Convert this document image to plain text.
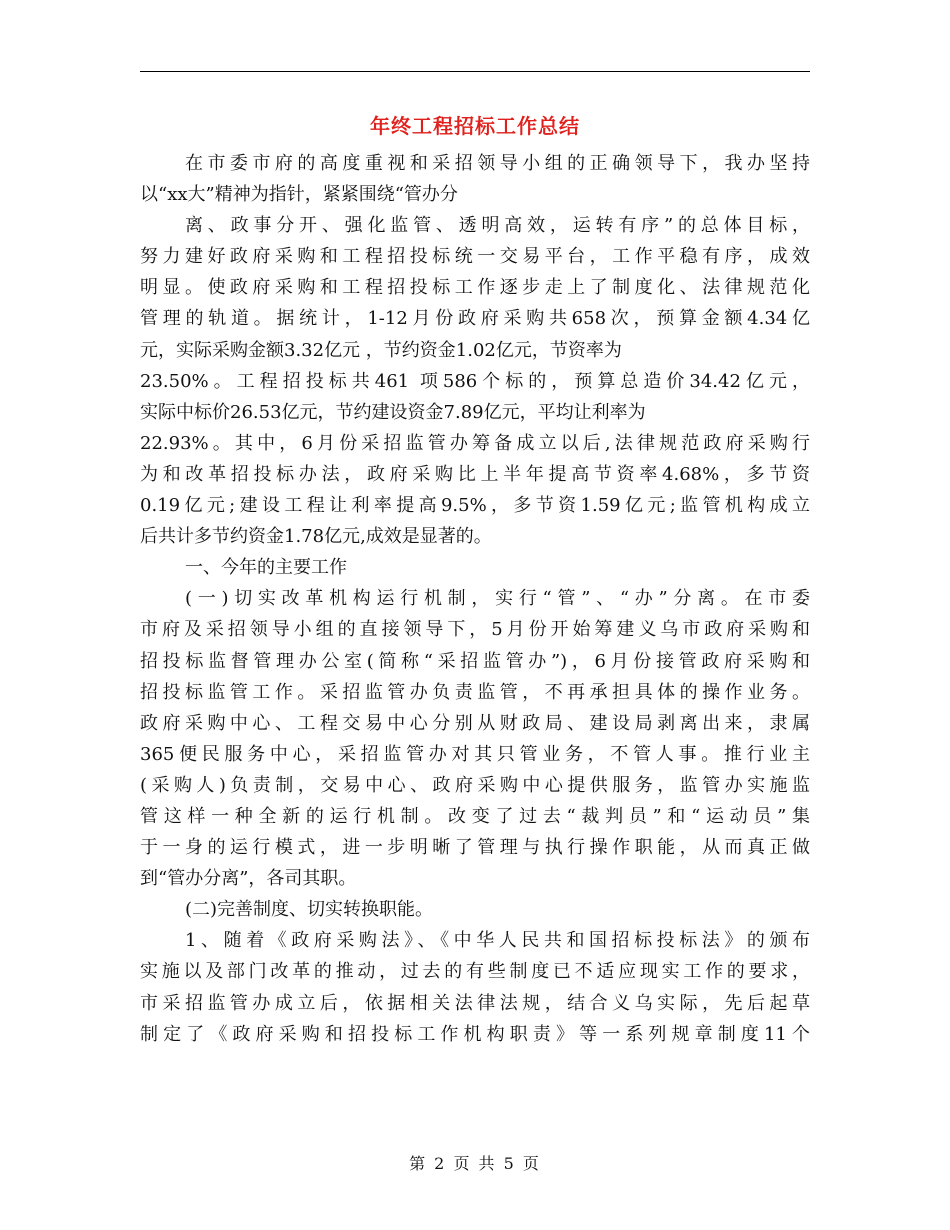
年终工程招标工作总结
在市委市府的高度重视和采招领导小组的正确领导下，我办坚持
以“xx大”精神为指针，紧紧围绕“管办分
离、政事分开、强化监管、透明高效，运转有序”的总体目标，
努力建好政府采购和工程招投标统一交易平台，工作平稳有序，成效
明显。使政府采购和工程招投标工作逐步走上了制度化、法律规范化
管理的轨道。据统计，1-12月份政府采购共658次，预算金额4.34亿
元，实际采购金额3.32亿元 ，节约资金1.02亿元，节资率为
23.50%。工程招投标共461 项586个标的，预算总造价34.42亿元，
实际中标价26.53亿元，节约建设资金7.89亿元，平均让利率为
22.93%。其中，6月份采招监管办筹备成立以后,法律规范政府采购行
为和改革招投标办法，政府采购比上半年提高节资率4.68%，多节资
0.19亿元;建设工程让利率提高9.5%，多节资1.59亿元;监管机构成立
后共计多节约资金1.78亿元,成效是显著的。
一、今年的主要工作
(一)切实改革机构运行机制，实行“管”、“办”分离。在市委
市府及采招领导小组的直接领导下，5月份开始筹建义乌市政府采购和
招投标监督管理办公室(简称“采招监管办”)，6月份接管政府采购和
招投标监管工作。采招监管办负责监管，不再承担具体的操作业务。
政府采购中心、工程交易中心分别从财政局、建设局剥离出来，隶属
365便民服务中心，采招监管办对其只管业务，不管人事。推行业主
(采购人)负责制，交易中心、政府采购中心提供服务，监管办实施监
管这样一种全新的运行机制。改变了过去“裁判员”和“运动员”集
于一身的运行模式，进一步明晰了管理与执行操作职能，从而真正做
到“管办分离”，各司其职。
(二)完善制度、切实转换职能。
1、随着《政府采购法》、《中华人民共和国招标投标法》的颁布
实施以及部门改革的推动，过去的有些制度已不适应现实工作的要求，
市采招监管办成立后，依据相关法律法规，结合义乌实际，先后起草
制定了《政府采购和招投标工作机构职责》等一系列规章制度11个
第 2 页 共 5 页
